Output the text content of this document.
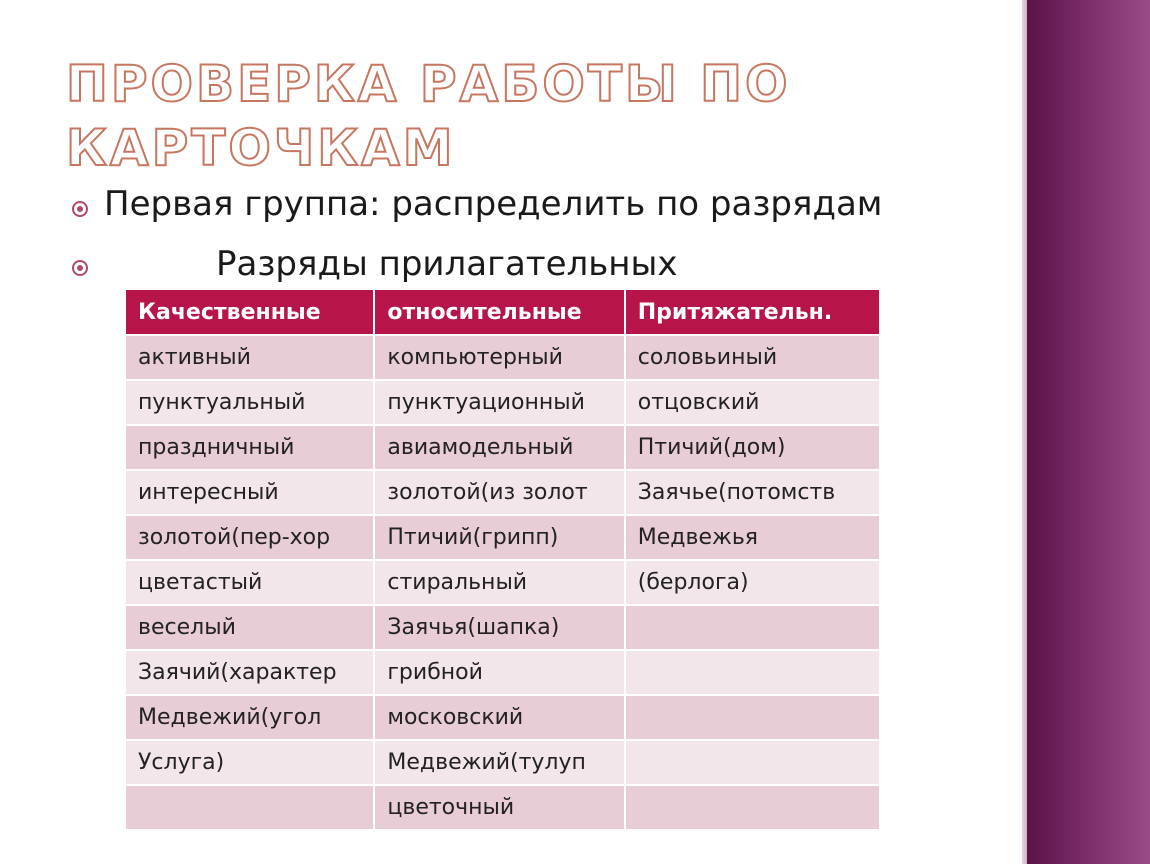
ПРОВЕРКА РАБОТЫ ПО
КАРТОЧКАМ
Первая группа: распределить по разрядам
Разряды прилагательных
Качественные	относительные	Притяжательн.
активный	компьютерный	соловьиный
пунктуальный	пунктуационный	отцовский
праздничный	авиамодельный	Птичий(дом)
интересный	золотой(из золот	Заячье(потомств
золотой(пер-хор	Птичий(грипп)	Медвежья
цветастый	стиральный	(берлога)
веселый	Заячья(шапка)	
Заячий(характер	грибной	
Медвежий(угол	московский	
Услуга)	Медвежий(тулуп	
	цветочный	
